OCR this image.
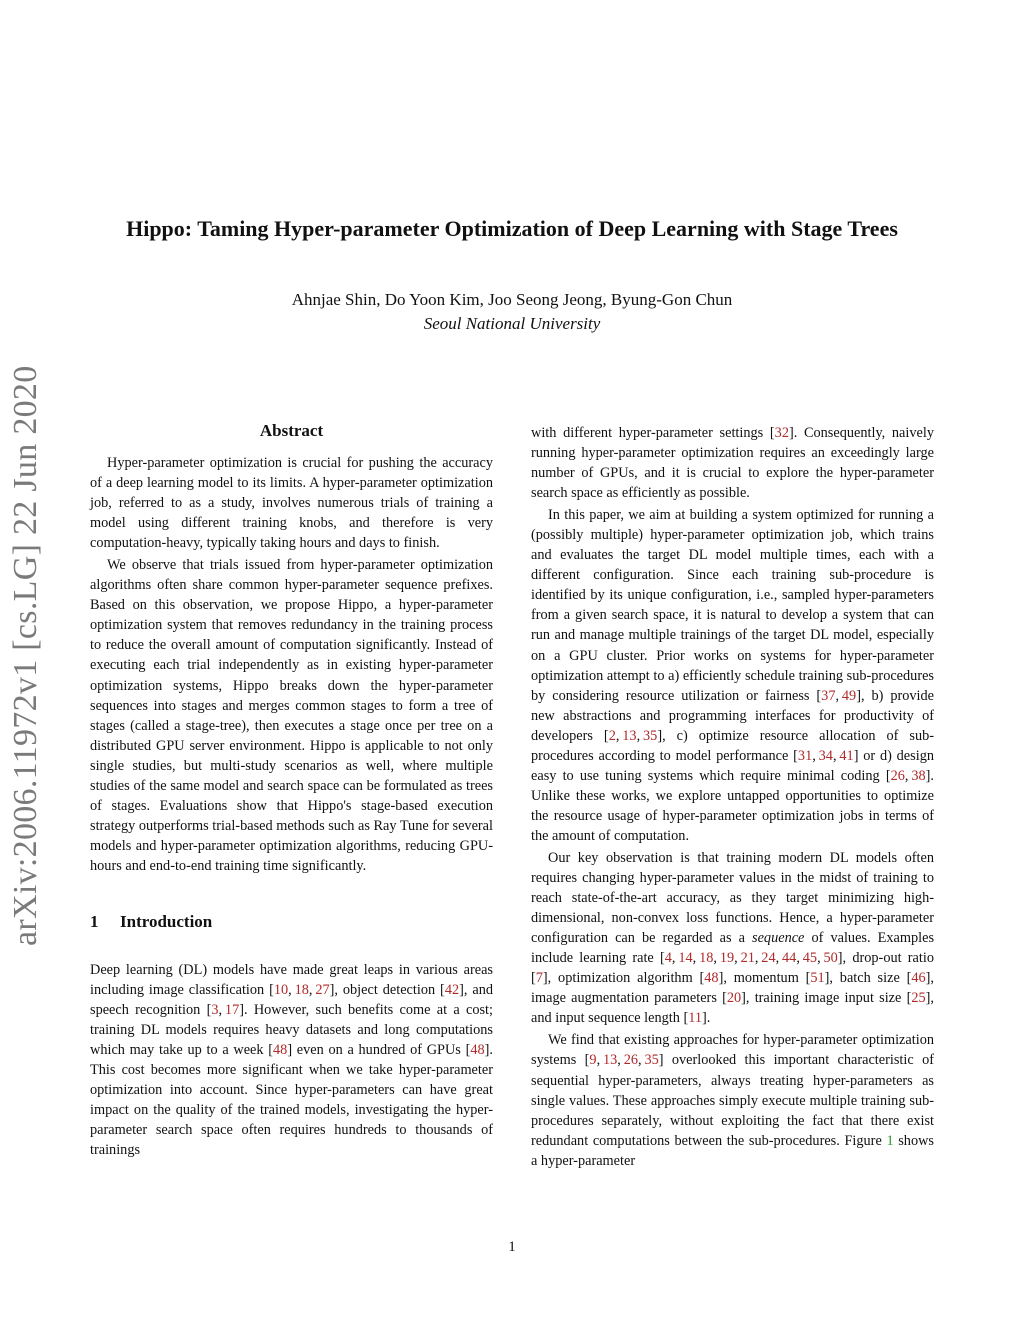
arXiv:2006.11972v1 [cs.LG] 22 Jun 2020
Hippo: Taming Hyper-parameter Optimization of Deep Learning with Stage Trees
Ahnjae Shin, Do Yoon Kim, Joo Seong Jeong, Byung-Gon Chun
Seoul National University
Abstract

Hyper-parameter optimization is crucial for pushing the accuracy of a deep learning model to its limits. A hyper-parameter optimization job, referred to as a study, involves numerous trials of training a model using different training knobs, and therefore is very computation-heavy, typically taking hours and days to finish.

We observe that trials issued from hyper-parameter optimization algorithms often share common hyper-parameter sequence prefixes. Based on this observation, we propose Hippo, a hyper-parameter optimization system that removes redundancy in the training process to reduce the overall amount of computation significantly. Instead of executing each trial independently as in existing hyper-parameter optimization systems, Hippo breaks down the hyper-parameter sequences into stages and merges common stages to form a tree of stages (called a stage-tree), then executes a stage once per tree on a distributed GPU server environment. Hippo is applicable to not only single studies, but multi-study scenarios as well, where multiple studies of the same model and search space can be formulated as trees of stages. Evaluations show that Hippo's stage-based execution strategy outperforms trial-based methods such as Ray Tune for several models and hyper-parameter optimization algorithms, reducing GPU-hours and end-to-end training time significantly.

1 Introduction

Deep learning (DL) models have made great leaps in various areas including image classification [10, 18, 27], object detection [42], and speech recognition [3, 17]. However, such benefits come at a cost; training DL models requires heavy datasets and long computations which may take up to a week [48] even on a hundred of GPUs [48]. This cost becomes more significant when we take hyper-parameter optimization into account. Since hyper-parameters can have great impact on the quality of the trained models, investigating the hyper-parameter search space often requires hundreds to thousands of trainings

with different hyper-parameter settings [32]. Consequently, naively running hyper-parameter optimization requires an exceedingly large number of GPUs, and it is crucial to explore the hyper-parameter search space as efficiently as possible.

In this paper, we aim at building a system optimized for running a (possibly multiple) hyper-parameter optimization job, which trains and evaluates the target DL model multiple times, each with a different configuration. Since each training sub-procedure is identified by its unique configuration, i.e., sampled hyper-parameters from a given search space, it is natural to develop a system that can run and manage multiple trainings of the target DL model, especially on a GPU cluster. Prior works on systems for hyper-parameter optimization attempt to a) efficiently schedule training sub-procedures by considering resource utilization or fairness [37, 49], b) provide new abstractions and programming interfaces for productivity of developers [2, 13, 35], c) optimize resource allocation of sub-procedures according to model performance [31, 34, 41] or d) design easy to use tuning systems which require minimal coding [26, 38]. Unlike these works, we explore untapped opportunities to optimize the resource usage of hyper-parameter optimization jobs in terms of the amount of computation.

Our key observation is that training modern DL models often requires changing hyper-parameter values in the midst of training to reach state-of-the-art accuracy, as they target minimizing high-dimensional, non-convex loss functions. Hence, a hyper-parameter configuration can be regarded as a sequence of values. Examples include learning rate [4, 14, 18, 19, 21, 24, 44, 45, 50], drop-out ratio [7], optimization algorithm [48], momentum [51], batch size [46], image augmentation parameters [20], training image input size [25], and input sequence length [11].

We find that existing approaches for hyper-parameter optimization systems [9, 13, 26, 35] overlooked this important characteristic of sequential hyper-parameters, always treating hyper-parameters as single values. These approaches simply execute multiple training sub-procedures separately, without exploiting the fact that there exist redundant computations between the sub-procedures. Figure 1 shows a hyper-parameter

1
